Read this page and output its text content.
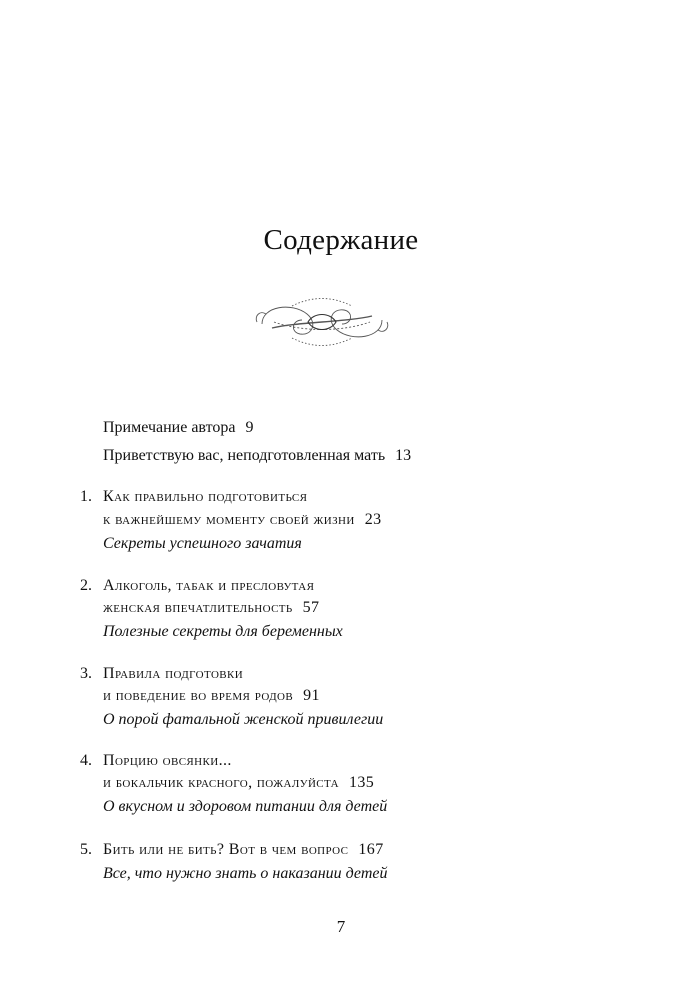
Содержание
Примечание автора 9
Приветствую вас, неподготовленная мать 13
1. Как правильно подготовиться
к важнейшему моменту своей жизни 23
Секреты успешного зачатия
2. Алкоголь, табак и пресловутая
женская впечатлительность 57
Полезные секреты для беременных
3. Правила подготовки
и поведение во время родов 91
О порой фатальной женской привилегии
4. Порцию овсянки...
и бокальчик красного, пожалуйста 135
О вкусном и здоровом питании для детей
5. Бить или не бить? Вот в чем вопрос 167
Все, что нужно знать о наказании детей
7
